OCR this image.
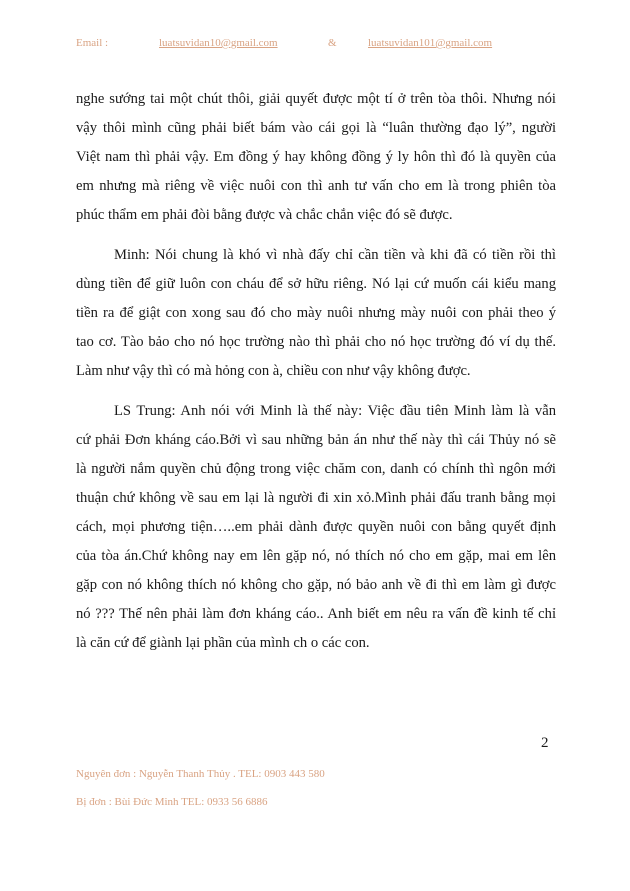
Email :	luatsuvidan10@gmail.com	&	luatsuvidan101@gmail.com

nghe sướng tai một chút thôi, giải quyết được một tí ở trên tòa thôi. Nhưng nói
vậy thôi mình cũng phải biết bám vào cái gọi là “luân thường đạo lý”, người
Việt nam thì phải vậy. Em đồng ý hay không đồng ý ly hôn thì đó là quyền của
em nhưng mà riêng về việc nuôi con thì anh tư vấn cho em là trong phiên tòa
phúc thẩm em phải đòi bằng được và chắc chắn việc đó sẽ được.

Minh: Nói chung là khó vì nhà đấy chỉ cần tiền và khi đã có tiền rồi thì
dùng tiền để giữ luôn con cháu để sở hữu riêng. Nó lại cứ muốn cái kiểu mang
tiền ra để giật con xong sau đó cho mày nuôi nhưng mày nuôi con phải theo ý
tao cơ. Tào bảo cho nó học trường nào thì phải cho nó học trường đó ví dụ thế.
Làm như vậy thì có mà hỏng con à, chiều con như vậy không được.

LS Trung: Anh nói với Minh là thế này: Việc đầu tiên Minh làm là vẫn
cứ phải Đơn kháng cáo.Bởi vì sau những bản án như thế này thì cái Thủy nó sẽ
là người nắm quyền chủ động trong việc chăm con, danh có chính thì ngôn mới
thuận chứ không về sau em lại là người đi xin xỏ.Mình phải đấu tranh bằng mọi
cách, mọi phương tiện…..em phải dành được quyền nuôi con bằng quyết định
của tòa án.Chứ không nay em lên gặp nó, nó thích nó cho em gặp, mai em lên
gặp con nó không thích nó không cho gặp, nó bảo anh về đi thì em làm gì được
nó ??? Thế nên phải làm đơn kháng cáo.. Anh biết em nêu ra vấn đề kinh tế chỉ
là căn cứ để giành lại phần của mình ch o các con.

2
Nguyên đơn : Nguyễn Thanh Thủy . TEL: 0903 443 580
Bị đơn : Bùi Đức Minh TEL: 0933 56 6886
